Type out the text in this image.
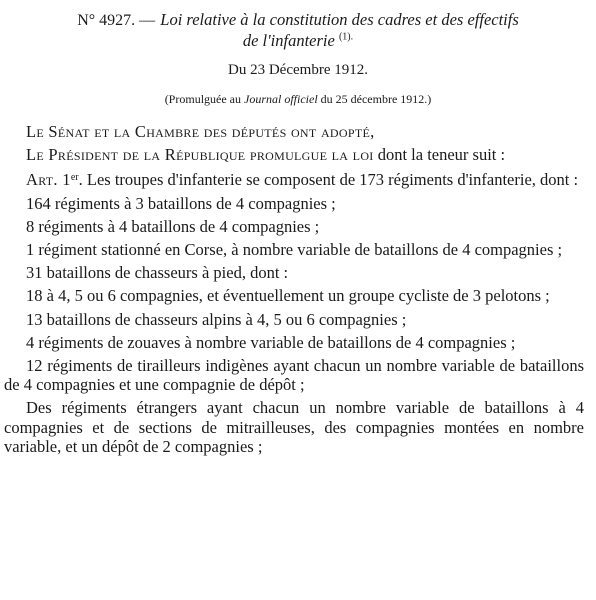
N° 4927. — Loi relative à la constitution des cadres et des effectifs
de l'infanterie $^{(1).}$
Du 23 Décembre 1912.
(Promulguée au Journal officiel du 25 décembre 1912.)

Le Sénat et la Chambre des députés ont adopté,

Le Président de la République promulgue la loi dont la teneur suit :

Art. 1er. Les troupes d'infanterie se composent de 173 régiments d'infanterie, dont :

164 régiments à 3 bataillons de 4 compagnies ;

8 régiments à 4 bataillons de 4 compagnies ;

1 régiment stationné en Corse, à nombre variable de bataillons de 4 compagnies ;

31 bataillons de chasseurs à pied, dont :

18 à 4, 5 ou 6 compagnies, et éventuellement un groupe cycliste de 3 pelotons ;

13 bataillons de chasseurs alpins à 4, 5 ou 6 compagnies ;

4 régiments de zouaves à nombre variable de bataillons de 4 compagnies ;

12 régiments de tirailleurs indigènes ayant chacun un nombre variable de bataillons de 4 compagnies et une compagnie de dépôt ;

Des régiments étrangers ayant chacun un nombre variable de bataillons à 4 compagnies et de sections de mitrailleuses, des compagnies montées en nombre variable, et un dépôt de 2 compagnies ;
